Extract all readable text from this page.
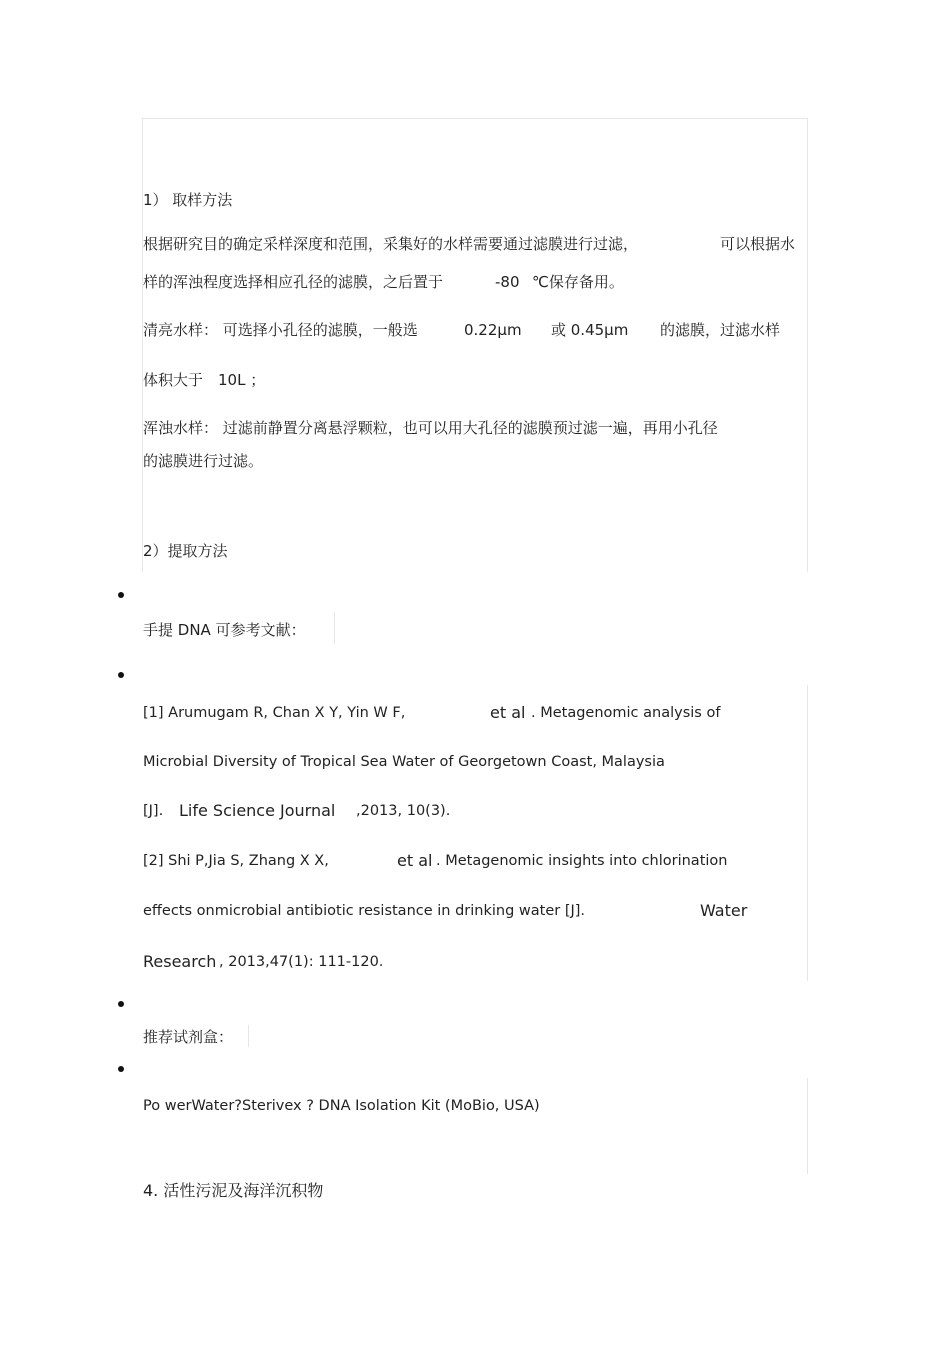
1） 取样方法
根据研究目的确定采样深度和范围，采集好的水样需要通过滤膜进行过滤，	可以根据水
样的浑浊程度选择相应孔径的滤膜，之后置于	-80 ℃保存备用。
清亮水样： 可选择小孔径的滤膜，一般选	0.22μm 或 0.45μm 的滤膜，过滤水样
体积大于 10L ；
浑浊水样： 过滤前静置分离悬浮颗粒，也可以用大孔径的滤膜预过滤一遍，再用小孔径
的滤膜进行过滤。
2）提取方法
手提 DNA 可参考文献：
[1] Arumugam R, Chan X Y, Yin W F,	et al . Metagenomic analysis of
Microbial Diversity of Tropical Sea Water of Georgetown Coast, Malaysia
[J]. Life Science Journal ,2013, 10(3).
[2] Shi P,Jia S, Zhang X X,	et al . Metagenomic insights into chlorination
effects onmicrobial antibiotic resistance in drinking water [J].	Water
Research , 2013,47(1): 111-120.
推荐试剂盒：
Po werWater?Sterivex ? DNA Isolation Kit (MoBio, USA)
4. 活性污泥及海洋沉积物
